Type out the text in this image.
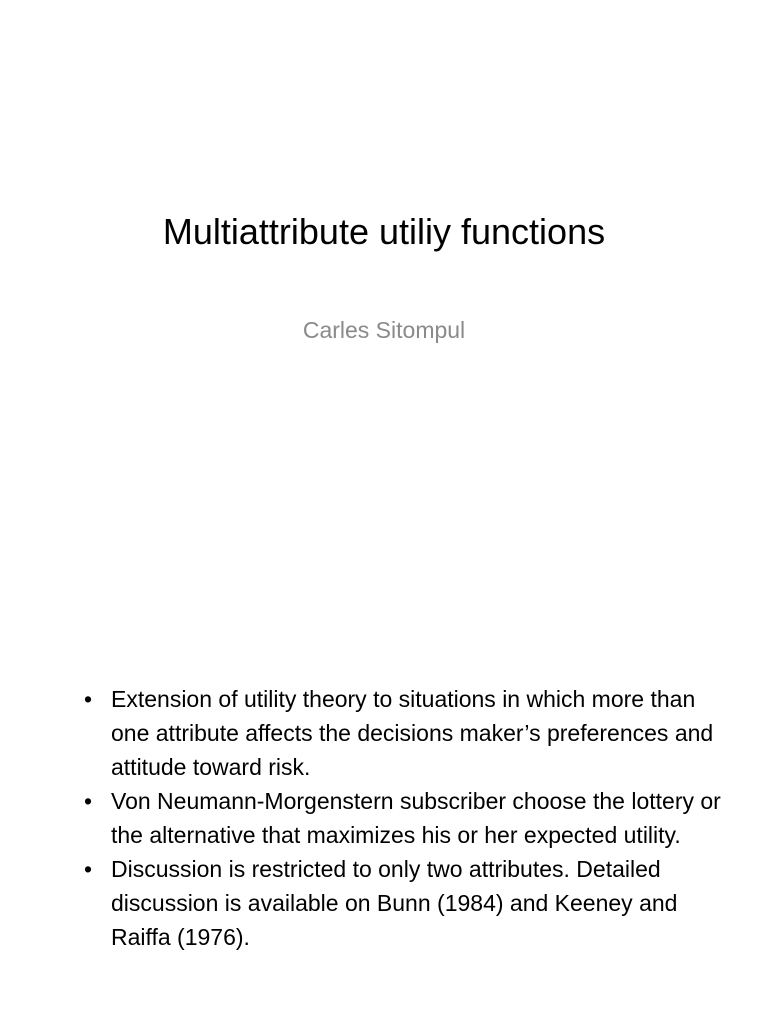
Multiattribute utiliy functions

Carles Sitompul

• Extension of utility theory to situations in which more than one attribute affects the decisions maker’s preferences and attitude toward risk.
• Von Neumann-Morgenstern subscriber choose the lottery or the alternative that maximizes his or her expected utility.
• Discussion is restricted to only two attributes. Detailed discussion is available on Bunn (1984) and Keeney and Raiffa (1976).
